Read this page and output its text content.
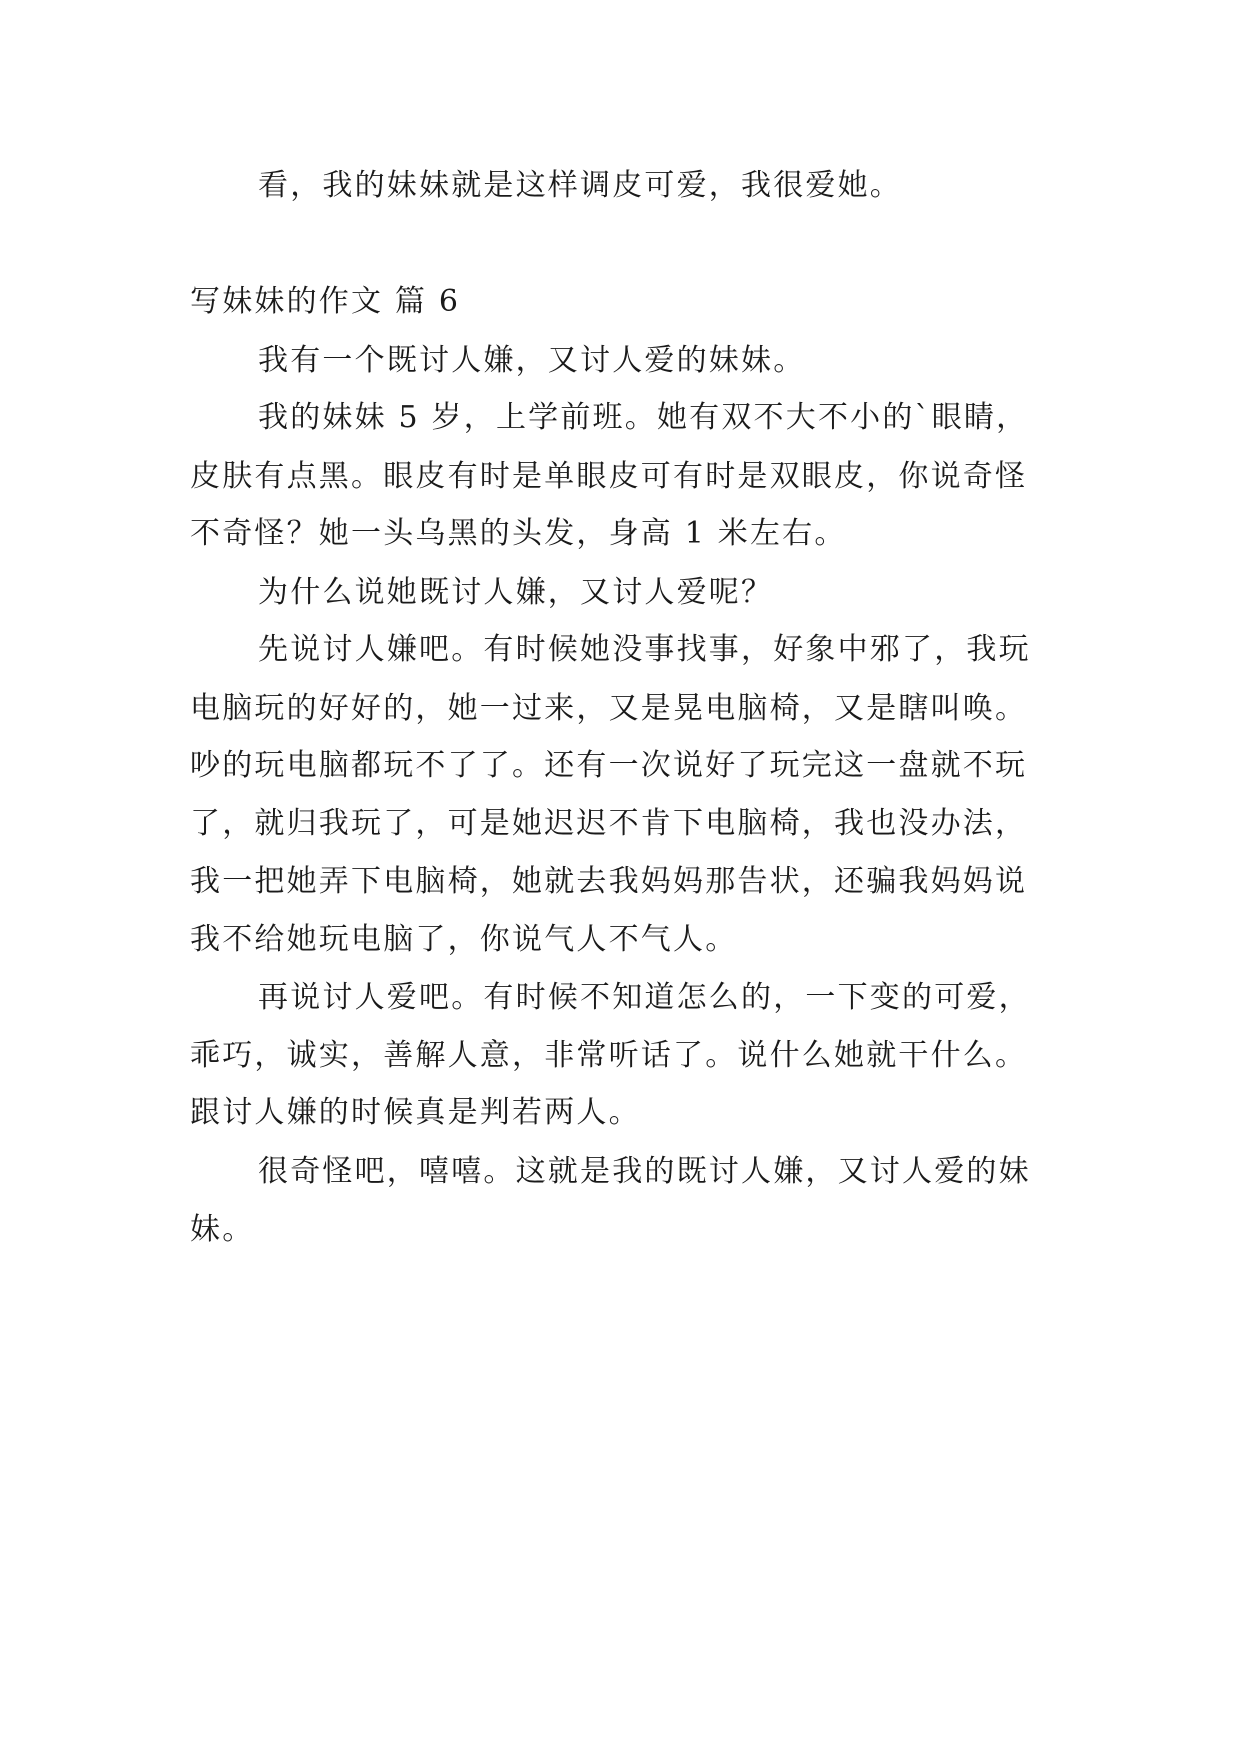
看，我的妹妹就是这样调皮可爱，我很爱她。
写妹妹的作文 篇 6
我有一个既讨人嫌，又讨人爱的妹妹。
我的妹妹 5 岁，上学前班。她有双不大不小的`眼睛，
皮肤有点黑。眼皮有时是单眼皮可有时是双眼皮，你说奇怪
不奇怪？她一头乌黑的头发，身高 1 米左右。
为什么说她既讨人嫌，又讨人爱呢？
先说讨人嫌吧。有时候她没事找事，好象中邪了，我玩
电脑玩的好好的，她一过来，又是晃电脑椅，又是瞎叫唤。
吵的玩电脑都玩不了了。还有一次说好了玩完这一盘就不玩
了，就归我玩了，可是她迟迟不肯下电脑椅，我也没办法，
我一把她弄下电脑椅，她就去我妈妈那告状，还骗我妈妈说
我不给她玩电脑了，你说气人不气人。
再说讨人爱吧。有时候不知道怎么的，一下变的可爱，
乖巧，诚实，善解人意，非常听话了。说什么她就干什么。
跟讨人嫌的时候真是判若两人。
很奇怪吧，嘻嘻。这就是我的既讨人嫌，又讨人爱的妹
妹。
